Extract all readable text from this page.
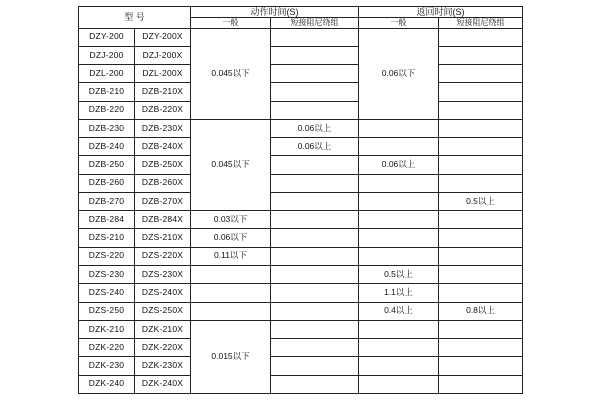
型 号		动作时间(S)		返回时间(S)	
		一般	短接阻尼绕组	一般	短接阻尼绕组
DZY-200	DZY-200X	0.045以下		0.06以下	
DZJ-200	DZJ-200X				
DZL-200	DZL-200X				
DZB-210	DZB-210X				
DZB-220	DZB-220X				
DZB-230	DZB-230X	0.045以下	0.06以上		
DZB-240	DZB-240X		0.06以上		
DZB-250	DZB-250X			0.06以上	
DZB-260	DZB-260X				
DZB-270	DZB-270X				0.5以上
DZB-284	DZB-284X	0.03以下			
DZS-210	DZS-210X	0.06以下			
DZS-220	DZS-220X	0.11以下			
DZS-230	DZS-230X			0.5以上	
DZS-240	DZS-240X			1.1以上	
DZS-250	DZS-250X			0.4以上	0.8以上
DZK-210	DZK-210X	0.015以下			
DZK-220	DZK-220X				
DZK-230	DZK-230X				
DZK-240	DZK-240X				
